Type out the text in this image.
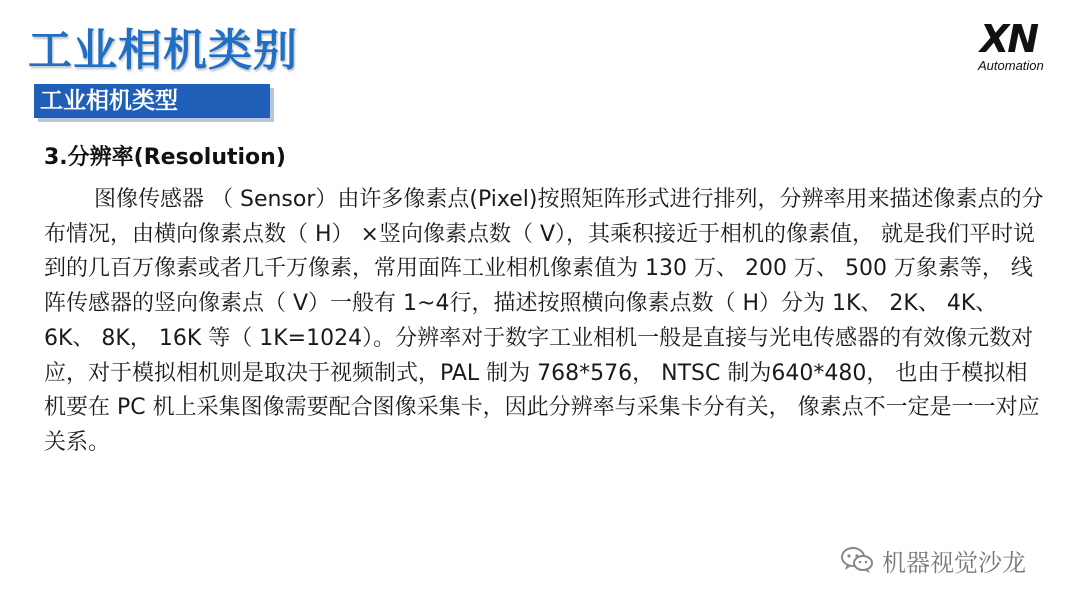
工业相机类别	XN
Automation
工业相机类型
3.分辨率(Resolution)
图像传感器 （ Sensor）由许多像素点(Pixel)按照矩阵形式进行排列，分辨率用来描述像素点的分布情况，由横向像素点数（ H） ×竖向像素点数（ V），其乘积接近于相机的像素值， 就是我们平时说到的几百万像素或者几千万像素，常用面阵工业相机像素值为 130 万、 200 万、 500 万象素等， 线阵传感器的竖向像素点（ V）一般有 1~4行，描述按照横向像素点数（ H）分为 1K、 2K、 4K、 6K、 8K， 16K 等（ 1K=1024）。分辨率对于数字工业相机一般是直接与光电传感器的有效像元数对应，对于模拟相机则是取决于视频制式，PAL 制为 768*576， NTSC 制为640*480， 也由于模拟相机要在 PC 机上采集图像需要配合图像采集卡，因此分辨率与采集卡分有关， 像素点不一定是一一对应关系。
机器视觉沙龙
